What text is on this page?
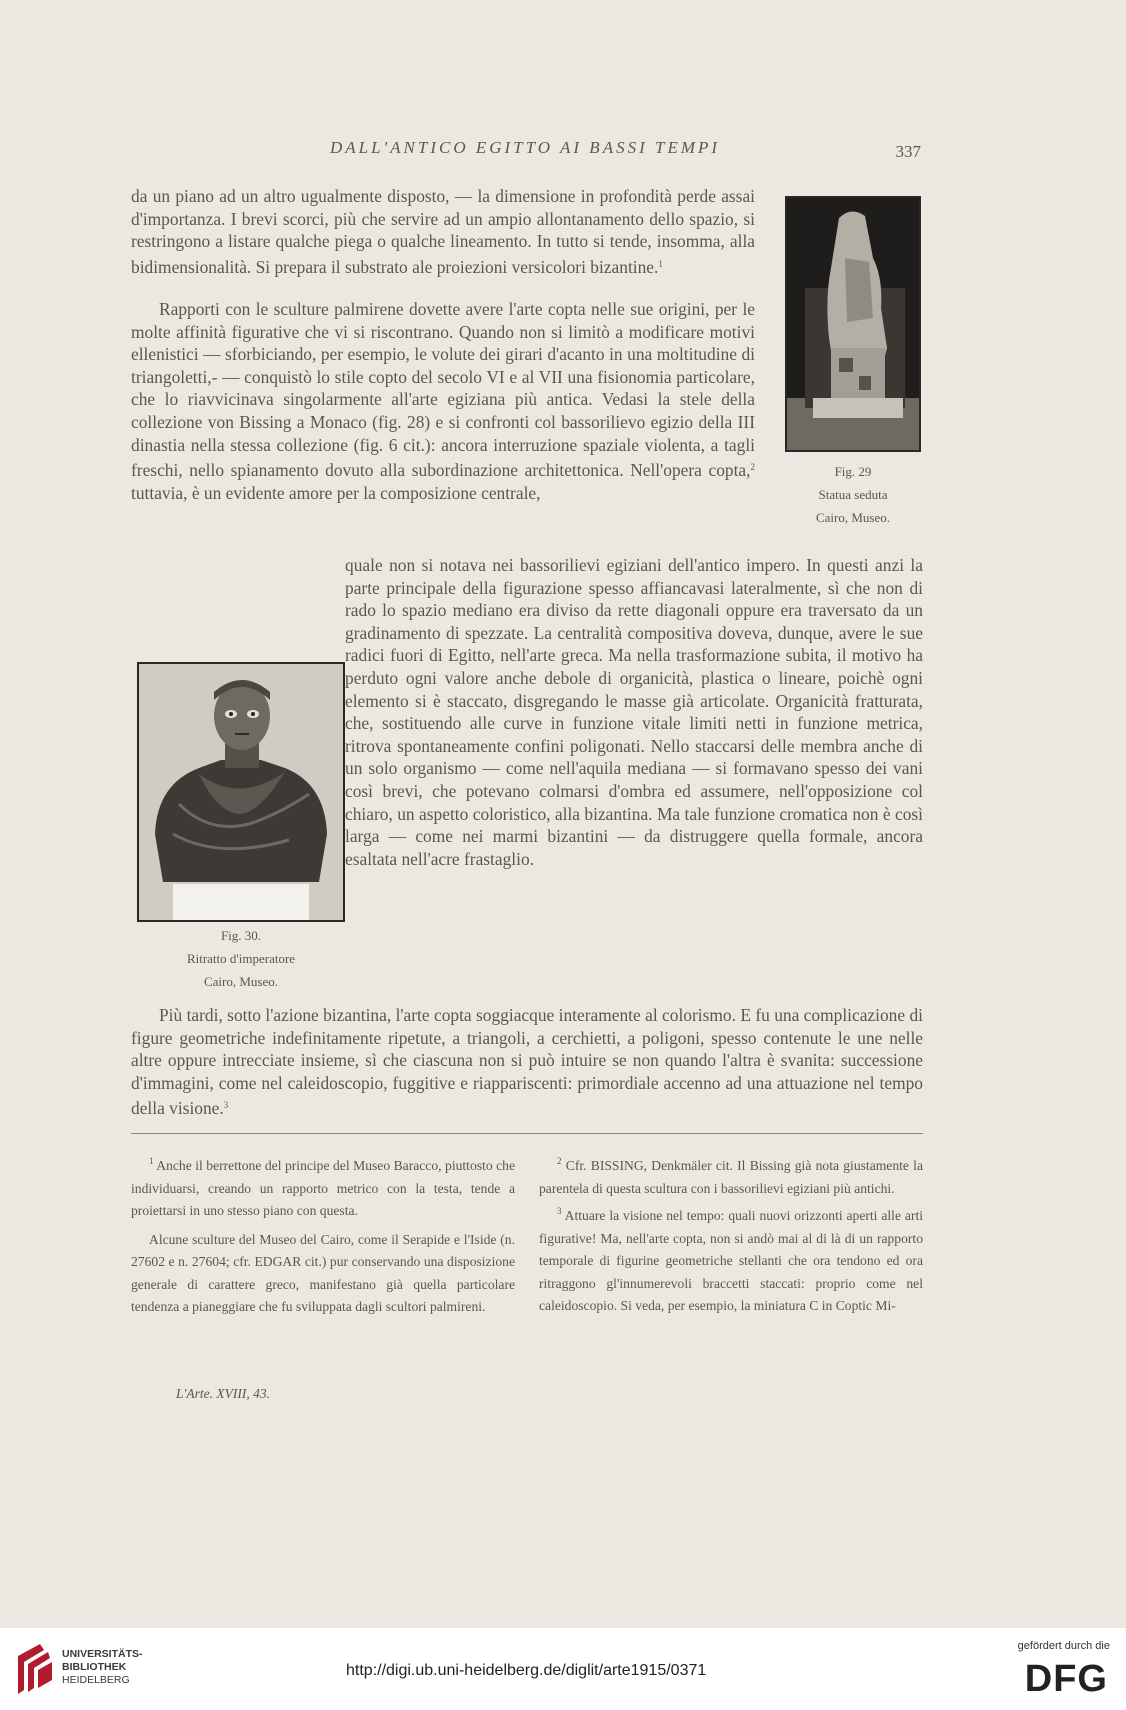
DALL'ANTICO EGITTO AI BASSI TEMPI	337

da un piano ad un altro ugualmente disposto, — la dimensione in profondità perde assai d'importanza. I brevi scorci, più che servire ad un ampio allontanamento dello spazio, si restringono a listare qualche piega o qualche lineamento. In tutto si tende, insomma, alla bidimensionalità. Si prepara il substrato ale proiezioni versicolori bizantine.$^1$

Rapporti con le sculture palmirene dovette avere l'arte copta nelle sue origini, per le molte affinità figurative che vi si riscontrano. Quando non si limitò a modificare motivi ellenistici — sforbiciando, per esempio, le volute dei girari d'acanto in una moltitudine di triangoletti,- — conquistò lo stile copto del secolo VI e al VII una fisionomia particolare, che lo riavvicinava singolarmente all'arte egiziana più antica. Vedasi la stele della collezione von Bissing a Monaco (fig. 28) e si confronti col bassorilievo egizio della III dinastia nella stessa collezione (fig. 6 cit.): ancora interruzione spaziale violenta, a tagli freschi, nello spianamento dovuto alla subordinazione architettonica. Nell'opera copta,$^2$ tuttavia, è un evidente amore per la composizione centrale,

quale non si notava nei bassorilievi egiziani dell'antico impero. In questi anzi la parte principale della figurazione spesso affiancavasi lateralmente, sì che non di rado lo spazio mediano era diviso da rette diagonali oppure era traversato da un gradinamento di spezzate. La centralità compositiva doveva, dunque, avere le sue radici fuori di Egitto, nell'arte greca. Ma nella trasformazione subita, il motivo ha perduto ogni valore anche debole di organicità, plastica o lineare, poichè ogni elemento si è staccato, disgregando le masse già articolate. Organicità fratturata, che, sostituendo alle curve in funzione vitale limiti netti in funzione metrica, ritrova spontaneamente confini poligonati. Nello staccarsi delle membra anche di un solo organismo — come nell'aquila mediana — si formavano spesso dei vani così brevi, che potevano colmarsi d'ombra ed assumere, nell'opposizione col chiaro, un aspetto coloristico, alla bizantina. Ma tale funzione cromatica non è così larga — come nei marmi bizantini — da distruggere quella formale, ancora esaltata nell'acre frastaglio.

Più tardi, sotto l'azione bizantina, l'arte copta soggiacque interamente al colorismo. E fu una complicazione di figure geometriche indefinitamente ripetute, a triangoli, a cerchietti, a poligoni, spesso contenute le une nelle altre oppure intrecciate insieme, sì che ciascuna non si può intuire se non quando l'altra è svanita: successione d'immagini, come nel caleidoscopio, fuggitive e riappariscenti: primordiale accenno ad una attuazione nel tempo della visione.$^3$

Fig. 29
Statua seduta
Cairo, Museo.
Fig. 30.
Ritratto d'imperatore
Cairo, Museo.

$^1$ Anche il berrettone del principe del Museo Baracco, piuttosto che individuarsi, creando un rapporto metrico con la testa, tende a proiettarsi in uno stesso piano con questa.

Alcune sculture del Museo del Cairo, come il Serapide e l'Iside (n. 27602 e n. 27604; cfr. EDGAR cit.) pur conservando una disposizione generale di carattere greco, manifestano già quella particolare tendenza a pianeggiare che fu sviluppata dagli scultori palmireni.

$^2$ Cfr. BISSING, Denkmäler cit. Il Bissing già nota giustamente la parentela di questa scultura con i bassorilievi egiziani più antichi.

$^3$ Attuare la visione nel tempo: quali nuovi orizzonti aperti alle arti figurative! Ma, nell'arte copta, non si andò mai al di là di un rapporto temporale di figurine geometriche stellanti che ora tendono ed ora ritraggono gl'innumerevoli braccetti staccati: proprio come nel caleidoscopio. Si veda, per esempio, la miniatura C in Coptic Mi-

L'Arte. XVIII, 43.
UNIVERSITÄTS-
BIBLIOTHEK
HEIDELBERG
http://digi.ub.uni-heidelberg.de/diglit/arte1915/0371
gefördert durch die
DFG
